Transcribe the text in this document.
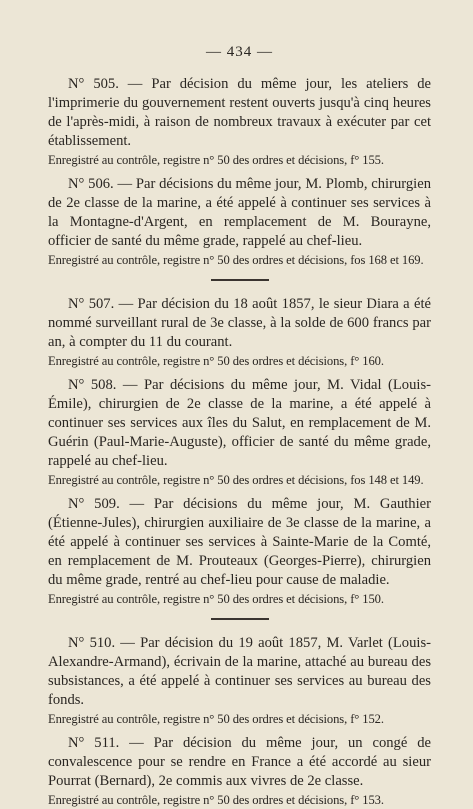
— 434 —

N° 505. — Par décision du même jour, les ateliers de l'imprimerie du gouvernement restent ouverts jusqu'à cinq heures de l'après-midi, à raison de nombreux travaux à exécuter par cet établissement.

Enregistré au contrôle, registre n° 50 des ordres et décisions, f° 155.

N° 506. — Par décisions du même jour, M. Plomb, chirurgien de 2e classe de la marine, a été appelé à continuer ses services à la Montagne-d'Argent, en remplacement de M. Bourayne, officier de santé du même grade, rappelé au chef-lieu.

Enregistré au contrôle, registre n° 50 des ordres et décisions, fos 168 et 169.

N° 507. — Par décision du 18 août 1857, le sieur Diara a été nommé surveillant rural de 3e classe, à la solde de 600 francs par an, à compter du 11 du courant.

Enregistré au contrôle, registre n° 50 des ordres et décisions, f° 160.

N° 508. — Par décisions du même jour, M. Vidal (Louis-Émile), chirurgien de 2e classe de la marine, a été appelé à continuer ses services aux îles du Salut, en remplacement de M. Guérin (Paul-Marie-Auguste), officier de santé du même grade, rappelé au chef-lieu.

Enregistré au contrôle, registre n° 50 des ordres et décisions, fos 148 et 149.

N° 509. — Par décisions du même jour, M. Gauthier (Étienne-Jules), chirurgien auxiliaire de 3e classe de la marine, a été appelé à continuer ses services à Sainte-Marie de la Comté, en remplacement de M. Prouteaux (Georges-Pierre), chirurgien du même grade, rentré au chef-lieu pour cause de maladie.

Enregistré au contrôle, registre n° 50 des ordres et décisions, f° 150.

N° 510. — Par décision du 19 août 1857, M. Varlet (Louis-Alexandre-Armand), écrivain de la marine, attaché au bureau des subsistances, a été appelé à continuer ses services au bureau des fonds.

Enregistré au contrôle, registre n° 50 des ordres et décisions, f° 152.

N° 511. — Par décision du même jour, un congé de convalescence pour se rendre en France a été accordé au sieur Pourrat (Bernard), 2e commis aux vivres de 2e classe.

Enregistré au contrôle, registre n° 50 des ordres et décisions, f° 153.
